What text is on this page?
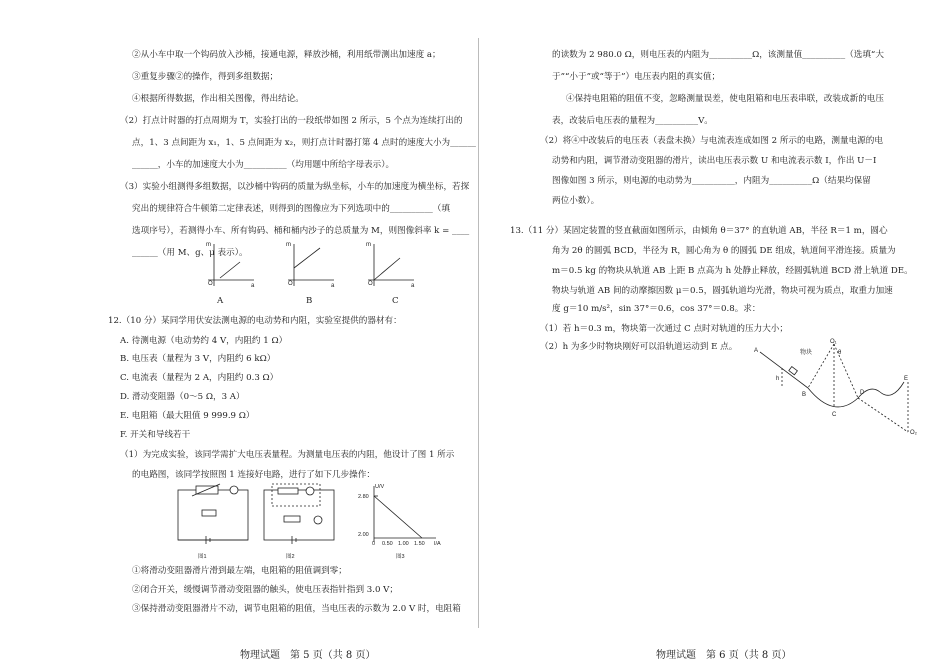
②从小车中取一个钩码放入沙桶，接通电源，释放沙桶，利用纸带测出加速度 a；
③重复步骤②的操作，得到多组数据；
④根据所得数据，作出相关图像，得出结论。
（2）打点计时器的打点周期为 T，实验打出的一段纸带如图 2 所示，5 个点为连续打出的
点，1、3 点间距为 x₁，1、5 点间距为 x₂，则打点计时器打第 4 点时的速度大小为______
______，小车的加速度大小为__________（均用题中所给字母表示）。
（3）实验小组测得多组数据，以沙桶中钩码的质量为纵坐标，小车的加速度为横坐标，若探
究出的规律符合牛顿第二定律表述，则得到的图像应为下列选项中的__________（填
选项序号），若测得小车、所有钩码、桶和桶内沙子的总质量为 M，则图像斜率 k = ____
______（用 M、g、μ 表示）。
m
O	a
m
O	a
m
O	a
A	B	C
12.（10 分）某同学用伏安法测电源的电动势和内阻，实验室提供的器材有：
A. 待测电源（电动势约 4 V，内阻约 1 Ω）
B. 电压表（量程为 3 V，内阻约 6 kΩ）
C. 电流表（量程为 2 A，内阻约 0.3 Ω）
D. 滑动变阻器（0～5 Ω，3 A）
E. 电阻箱（最大阻值 9 999.9 Ω）
F. 开关和导线若干
（1）为完成实验，该同学需扩大电压表量程。为测量电压表的内阻，他设计了图 1 所示
的电路图，该同学按照图 1 连接好电路，进行了如下几步操作：
U/V
2.80
2.00
0 0.50 1.00 1.50 I/A
图1	图2	图3
①将滑动变阻器滑片滑到最左端，电阻箱的阻值调到零；
②闭合开关，缓慢调节滑动变阻器的触头，使电压表指针指到 3.0 V；
③保持滑动变阻器滑片不动，调节电阻箱的阻值，当电压表的示数为 2.0 V 时，电阻箱
物理试题　第 5 页（共 8 页）
的读数为 2 980.0 Ω，则电压表的内阻为__________Ω，该测量值__________（选填“大
于”“小于”或“等于”）电压表内阻的真实值；
④保持电阻箱的阻值不变，忽略测量误差，使电阻箱和电压表串联，改装成新的电压
表，改装后电压表的量程为__________V。
（2）将④中改装后的电压表（表盘未换）与电流表连成如图 2 所示的电路，测量电源的电
动势和内阻，调节滑动变阻器的滑片，读出电压表示数 U 和电流表示数 I，作出 U－I
图像如图 3 所示，则电源的电动势为__________，内阻为__________Ω（结果均保留
两位小数）。
13.（11 分）某固定装置的竖直截面如图所示，由倾角 θ＝37° 的直轨道 AB，半径 R＝1 m，圆心
角为 2θ 的圆弧 BCD，半径为 R，圆心角为 θ 的圆弧 DE 组成，轨道间平滑连接。质量为
m＝0.5 kg 的物块从轨道 AB 上距 B 点高为 h 处静止释放，经圆弧轨道 BCD 滑上轨道 DE。
物块与轨道 AB 间的动摩擦因数 μ＝0.5，圆弧轨道均光滑，物块可视为质点，取重力加速
度 g＝10 m/s²，sin 37°＝0.6，cos 37°＝0.8。求：
（1）若 h＝0.3 m，物块第一次通过 C 点时对轨道的压力大小；
（2）h 为多少时物块刚好可以沿轨道运动到 E 点。
物块
A
h
B
C
D
E
O₁
O₂
θ
物理试题　第 6 页（共 8 页）
